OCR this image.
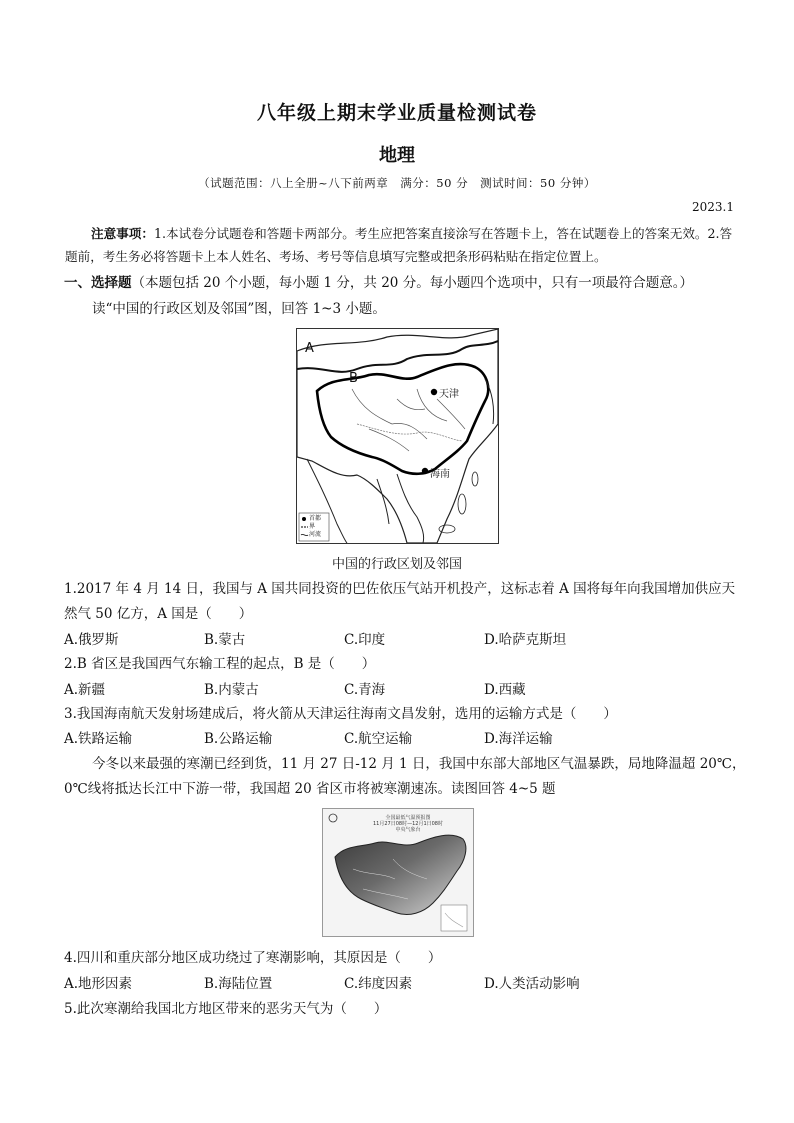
八年级上期末学业质量检测试卷
地理
（试题范围：八上全册~八下前两章　满分：50 分　测试时间：50 分钟）
2023.1
注意事项：1.本试卷分试题卷和答题卡两部分。考生应把答案直接涂写在答题卡上，答在试题卷上的答案无效。2.答题前，考生务必将答题卡上本人姓名、考场、考号等信息填写完整或把条形码粘贴在指定位置上。
一、选择题（本题包括 20 个小题，每小题 1 分，共 20 分。每小题四个选项中，只有一项最符合题意。）
读“中国的行政区划及邻国”图，回答 1~3 小题。
A
B
天津
海南
首都
界
河流
中国的行政区划及邻国
1.2017 年 4 月 14 日，我国与 A 国共同投资的巴佐依压气站开机投产，这标志着 A 国将每年向我国增加供应天
然气 50 亿方，A 国是（　　）
A.俄罗斯	B.蒙古	C.印度	D.哈萨克斯坦
2.B 省区是我国西气东输工程的起点，B 是（　　）
A.新疆	B.内蒙古	C.青海	D.西藏
3.我国海南航天发射场建成后，将火箭从天津运往海南文昌发射，选用的运输方式是（　　）
A.铁路运输	B.公路运输	C.航空运输	D.海洋运输
今冬以来最强的寒潮已经到货，11 月 27 日-12 月 1 日，我国中东部大部地区气温暴跌，局地降温超 20℃，
0℃线将抵达长江中下游一带，我国超 20 省区市将被寒潮速冻。读图回答 4~5 题
全国最低气温预报图
11月27日08时—12月1日08时
中央气象台
4.四川和重庆部分地区成功绕过了寒潮影响，其原因是（　　）
A.地形因素	B.海陆位置	C.纬度因素	D.人类活动影响
5.此次寒潮给我国北方地区带来的恶劣天气为（　　）
